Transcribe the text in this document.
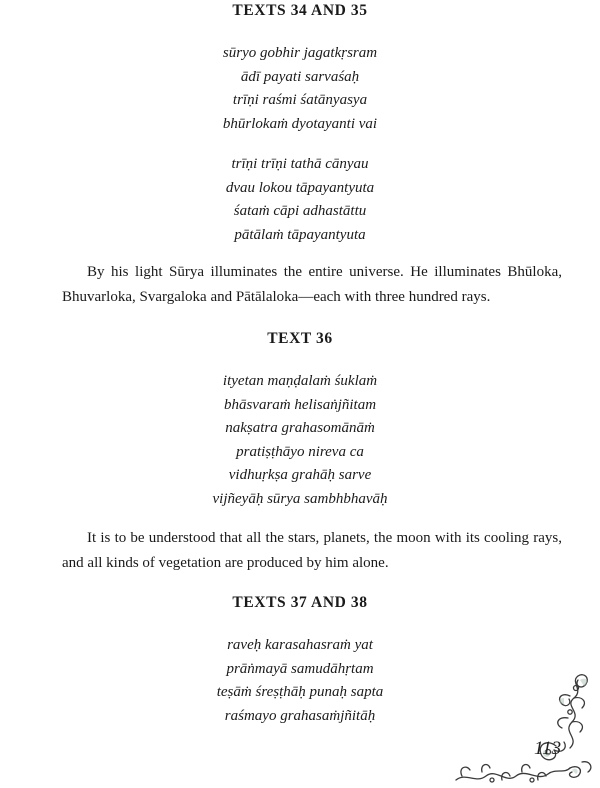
TEXTS 34 AND 35
sūryo gobhir jagatkṛsram
ādī payati sarvaśaḥ
trīṇi raśmi śatānyasya
bhūrlokaṁ dyotayanti vai
trīṇi trīṇi tathā cānyau
dvau lokou tāpayantyuta
śataṁ cāpi adhastāttu
pātālaṁ tāpayantyuta

By his light Sūrya illuminates the entire universe. He illuminates Bhūloka, Bhuvarloka, Svargaloka and Pātālaloka—each with three hundred rays.

TEXT 36
ityetan maṇḍalaṁ śuklaṁ
bhāsvaraṁ helisaṅjñitam
nakṣatra grahasomānāṁ
pratiṣṭhāyo nireva ca
vidhuṛkṣa grahāḥ sarve
vijñeyāḥ sūrya sambhbhavāḥ

It is to be understood that all the stars, planets, the moon with its cooling rays, and all kinds of vegetation are produced by him alone.

TEXTS 37 AND 38
raveḥ karasahasraṁ yat
prāṅmayā samudāhṛtam
teṣāṁ śreṣṭhāḥ punaḥ sapta
raśmayo grahasaṁjñitāḥ
113
